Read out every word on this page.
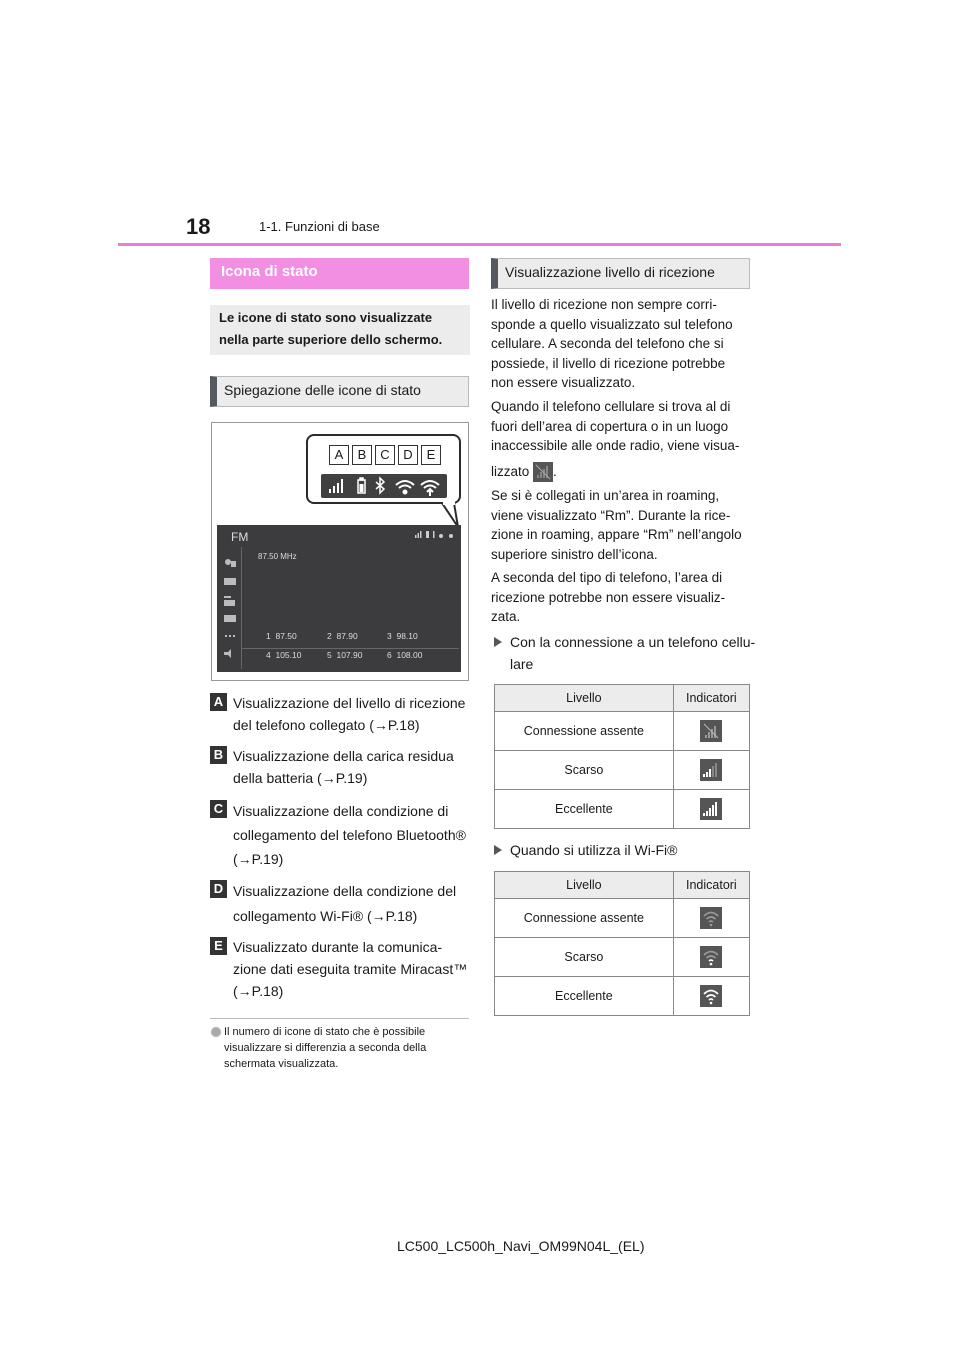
18	1-1. Funzioni di base
Icona di stato
Le icone di stato sono visualizzate nella parte superiore dello schermo.
Spiegazione delle icone di stato
A	B	C	D	E
FM
87.50 MHz
1 87.50	2 87.90	3 98.10
4 105.10	5 107.90	6 108.00
A Visualizzazione del livello di ricezione
del telefono collegato (→P.18)
B Visualizzazione della carica residua
della batteria (→P.19)
C Visualizzazione della condizione di
collegamento del telefono Bluetooth®
(→P.19)
D Visualizzazione della condizione del
collegamento Wi-Fi® (→P.18)
E Visualizzato durante la comunica-
zione dati eseguita tramite Miracast™
(→P.18)
Il numero di icone di stato che è possibile visualizzare si differenzia a seconda della schermata visualizzata.
Visualizzazione livello di ricezione
Il livello di ricezione non sempre corri-
sponde a quello visualizzato sul telefono
cellulare. A seconda del telefono che si
possiede, il livello di ricezione potrebbe
non essere visualizzato.
Quando il telefono cellulare si trova al di
fuori dell’area di copertura o in un luogo
inaccessibile alle onde radio, viene visua-
lizzato .
Se si è collegati in un’area in roaming,
viene visualizzato “Rm”. Durante la rice-
zione in roaming, appare “Rm” nell’angolo
superiore sinistro dell’icona.
A seconda del tipo di telefono, l’area di
ricezione potrebbe non essere visualiz-
zata.
Con la connessione a un telefono cellu-
lare
Livello	Indicatori
Connessione assente	
Scarso	
Eccellente	
Quando si utilizza il Wi-Fi®
Livello	Indicatori
Connessione assente	
Scarso	
Eccellente	
LC500_LC500h_Navi_OM99N04L_(EL)
